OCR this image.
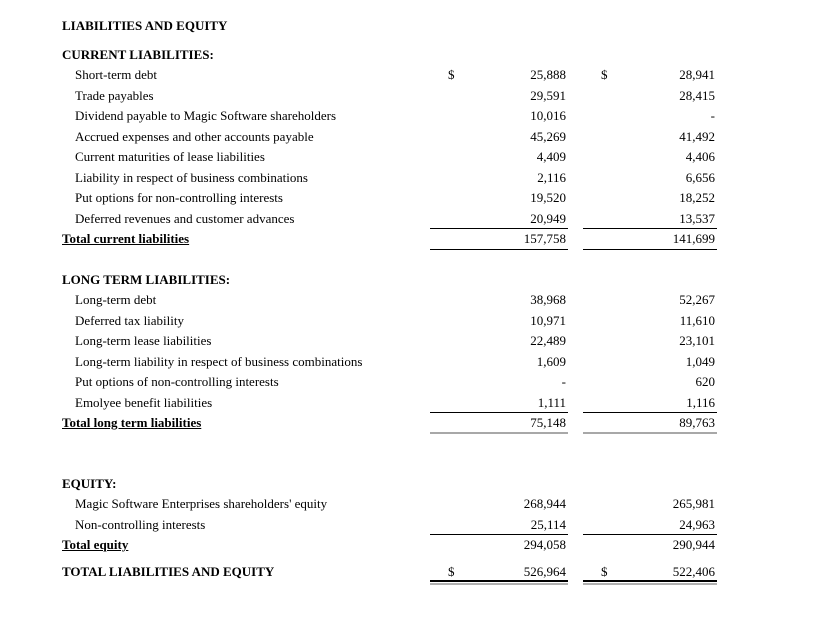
LIABILITIES AND EQUITY
CURRENT LIABILITIES:
Short-term debt	$	25,888	$	28,941
Trade payables	29,591	28,415
Dividend payable to Magic Software shareholders	10,016	-
Accrued expenses and other accounts payable	45,269	41,492
Current maturities of lease liabilities	4,409	4,406
Liability in respect of business combinations	2,116	6,656
Put options for non-controlling interests	19,520	18,252
Deferred revenues and customer advances	20,949	13,537
Total current liabilities	157,758	141,699
LONG TERM LIABILITIES:
Long-term debt	38,968	52,267
Deferred tax liability	10,971	11,610
Long-term lease liabilities	22,489	23,101
Long-term liability in respect of business combinations	1,609	1,049
Put options of non-controlling interests	-	620
Emolyee benefit liabilities	1,111	1,116
Total long term liabilities	75,148	89,763
EQUITY:
Magic Software Enterprises shareholders' equity	268,944	265,981
Non-controlling interests	25,114	24,963
Total equity	294,058	290,944
TOTAL LIABILITIES AND EQUITY	$	526,964	$	522,406
